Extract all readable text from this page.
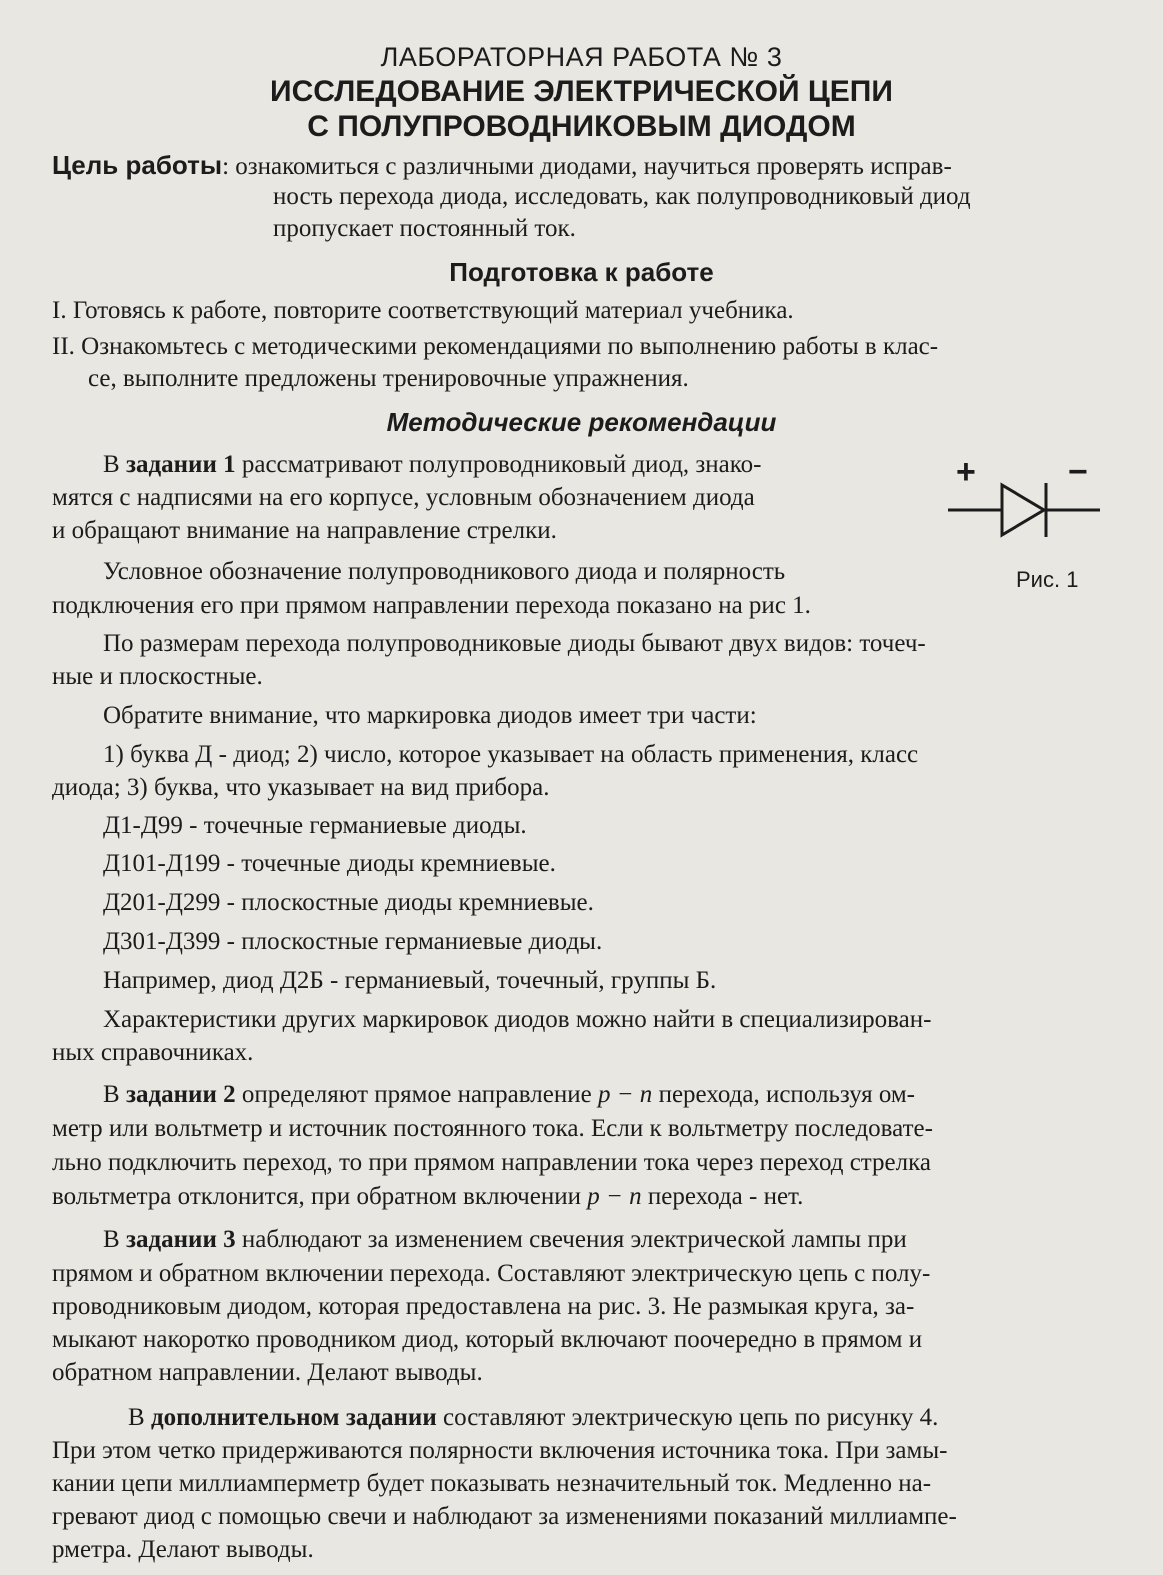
ЛАБОРАТОРНАЯ РАБОТА № 3
ИССЛЕДОВАНИЕ ЭЛЕКТРИЧЕСКОЙ ЦЕПИ
С ПОЛУПРОВОДНИКОВЫМ ДИОДОМ
Цель работы: ознакомиться с различными диодами, научиться проверять исправ-
ность перехода диода, исследовать, как полупроводниковый диод
пропускает постоянный ток.
Подготовка к работе
I. Готовясь к работе, повторите соответствующий материал учебника.
II. Ознакомьтесь с методическими рекомендациями по выполнению работы в клас-
се, выполните предложены тренировочные упражнения.
Методические рекомендации
В задании 1 рассматривают полупроводниковый диод, знако-
мятся с надписями на его корпусе, условным обозначением диода
и обращают внимание на направление стрелки.
+	−
Рис. 1
Условное обозначение полупроводникового диода и полярность
подключения его при прямом направлении перехода показано на рис 1.
По размерам перехода полупроводниковые диоды бывают двух видов: точеч-
ные и плоскостные.
Обратите внимание, что маркировка диодов имеет три части:
1) буква Д - диод; 2) число, которое указывает на область применения, класс
диода; 3) буква, что указывает на вид прибора.
Д1-Д99 - точечные германиевые диоды.
Д101-Д199 - точечные диоды кремниевые.
Д201-Д299 - плоскостные диоды кремниевые.
Д301-Д399 - плоскостные германиевые диоды.
Например, диод Д2Б - германиевый, точечный, группы Б.
Характеристики других маркировок диодов можно найти в специализирован-
ных справочниках.
В задании 2 определяют прямое направление p − n перехода, используя ом-
метр или вольтметр и источник постоянного тока. Если к вольтметру последовате-
льно подключить переход, то при прямом направлении тока через переход стрелка
вольтметра отклонится, при обратном включении p − n перехода - нет.
В задании 3 наблюдают за изменением свечения электрической лампы при
прямом и обратном включении перехода. Составляют электрическую цепь с полу-
проводниковым диодом, которая предоставлена на рис. 3. Не размыкая круга, за-
мыкают накоротко проводником диод, который включают поочередно в прямом и
обратном направлении. Делают выводы.
В дополнительном задании составляют электрическую цепь по рисунку 4.
При этом четко придерживаются полярности включения источника тока. При замы-
кании цепи миллиамперметр будет показывать незначительный ток. Медленно на-
гревают диод с помощью свечи и наблюдают за изменениями показаний миллиампе-
рметра. Делают выводы.
